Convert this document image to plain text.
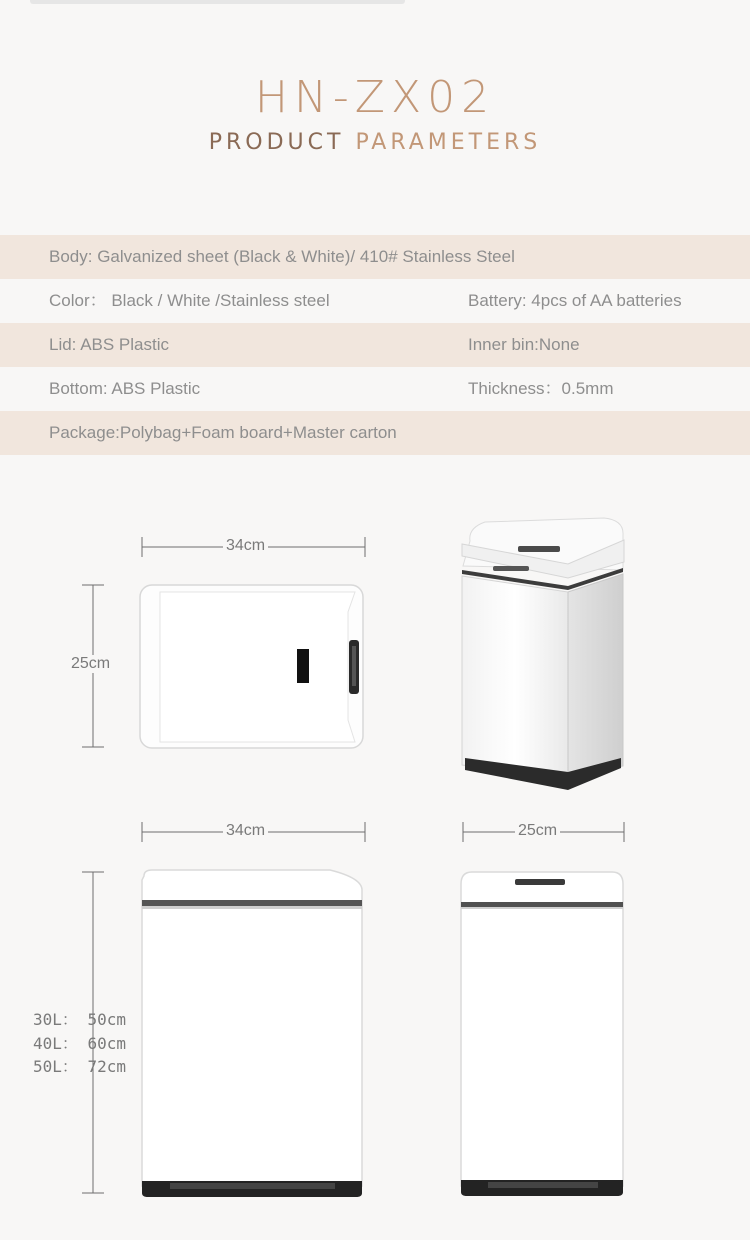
HN-ZX02
PRODUCT PARAMETERS
Body: Galvanized sheet (Black & White)/ 410# Stainless Steel
Color： Black / White /Stainless steel	Battery: 4pcs of AA batteries
Lid: ABS Plastic	Inner bin:None
Bottom: ABS Plastic	Thickness：0.5mm
Package:Polybag+Foam board+Master carton
34cm
25cm
34cm	25cm
30L： 50cm
40L： 60cm
50L： 72cm
